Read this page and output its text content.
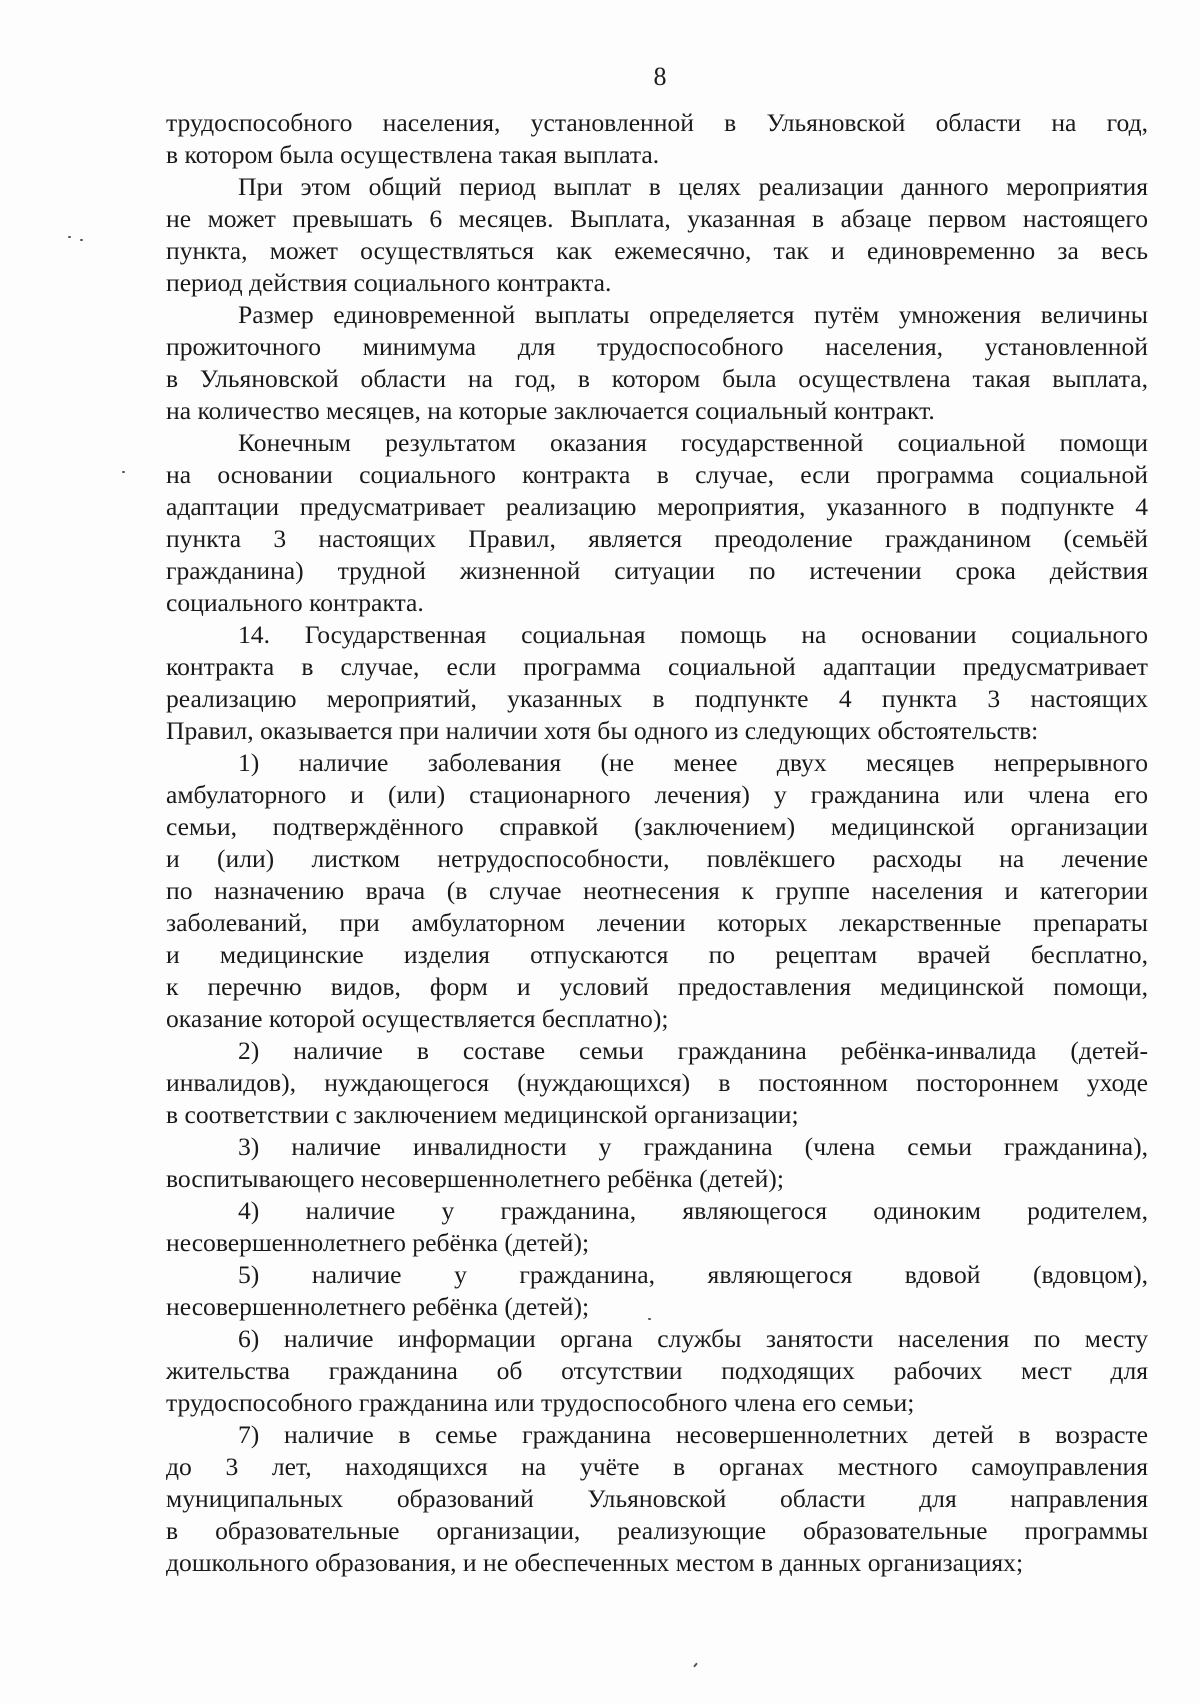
8
трудоспособного населения, установленной в Ульяновской области на год,
в котором была осуществлена такая выплата.
При этом общий период выплат в целях реализации данного мероприятия
не может превышать 6 месяцев. Выплата, указанная в абзаце первом настоящего
пункта, может осуществляться как ежемесячно, так и единовременно за весь
период действия социального контракта.
Размер единовременной выплаты определяется путём умножения величины
прожиточного минимума для трудоспособного населения, установленной
в Ульяновской области на год, в котором была осуществлена такая выплата,
на количество месяцев, на которые заключается социальный контракт.
Конечным результатом оказания государственной социальной помощи
на основании социального контракта в случае, если программа социальной
адаптации предусматривает реализацию мероприятия, указанного в подпункте 4
пункта 3 настоящих Правил, является преодоление гражданином (семьёй
гражданина) трудной жизненной ситуации по истечении срока действия
социального контракта.
14. Государственная социальная помощь на основании социального
контракта в случае, если программа социальной адаптации предусматривает
реализацию мероприятий, указанных в подпункте 4 пункта 3 настоящих
Правил, оказывается при наличии хотя бы одного из следующих обстоятельств:
1) наличие заболевания (не менее двух месяцев непрерывного
амбулаторного и (или) стационарного лечения) у гражданина или члена его
семьи, подтверждённого справкой (заключением) медицинской организации
и (или) листком нетрудоспособности, повлёкшего расходы на лечение
по назначению врача (в случае неотнесения к группе населения и категории
заболеваний, при амбулаторном лечении которых лекарственные препараты
и медицинские изделия отпускаются по рецептам врачей бесплатно,
к перечню видов, форм и условий предоставления медицинской помощи,
оказание которой осуществляется бесплатно);
2) наличие в составе семьи гражданина ребёнка-инвалида (детей-
инвалидов), нуждающегося (нуждающихся) в постоянном постороннем уходе
в соответствии с заключением медицинской организации;
3) наличие инвалидности у гражданина (члена семьи гражданина),
воспитывающего несовершеннолетнего ребёнка (детей);
4) наличие у гражданина, являющегося одиноким родителем,
несовершеннолетнего ребёнка (детей);
5) наличие у гражданина, являющегося вдовой (вдовцом),
несовершеннолетнего ребёнка (детей);
6) наличие информации органа службы занятости населения по месту
жительства гражданина об отсутствии подходящих рабочих мест для
трудоспособного гражданина или трудоспособного члена его семьи;
7) наличие в семье гражданина несовершеннолетних детей в возрасте
до 3 лет, находящихся на учёте в органах местного самоуправления
муниципальных образований Ульяновской области для направления
в образовательные организации, реализующие образовательные программы
дошкольного образования, и не обеспеченных местом в данных организациях;
